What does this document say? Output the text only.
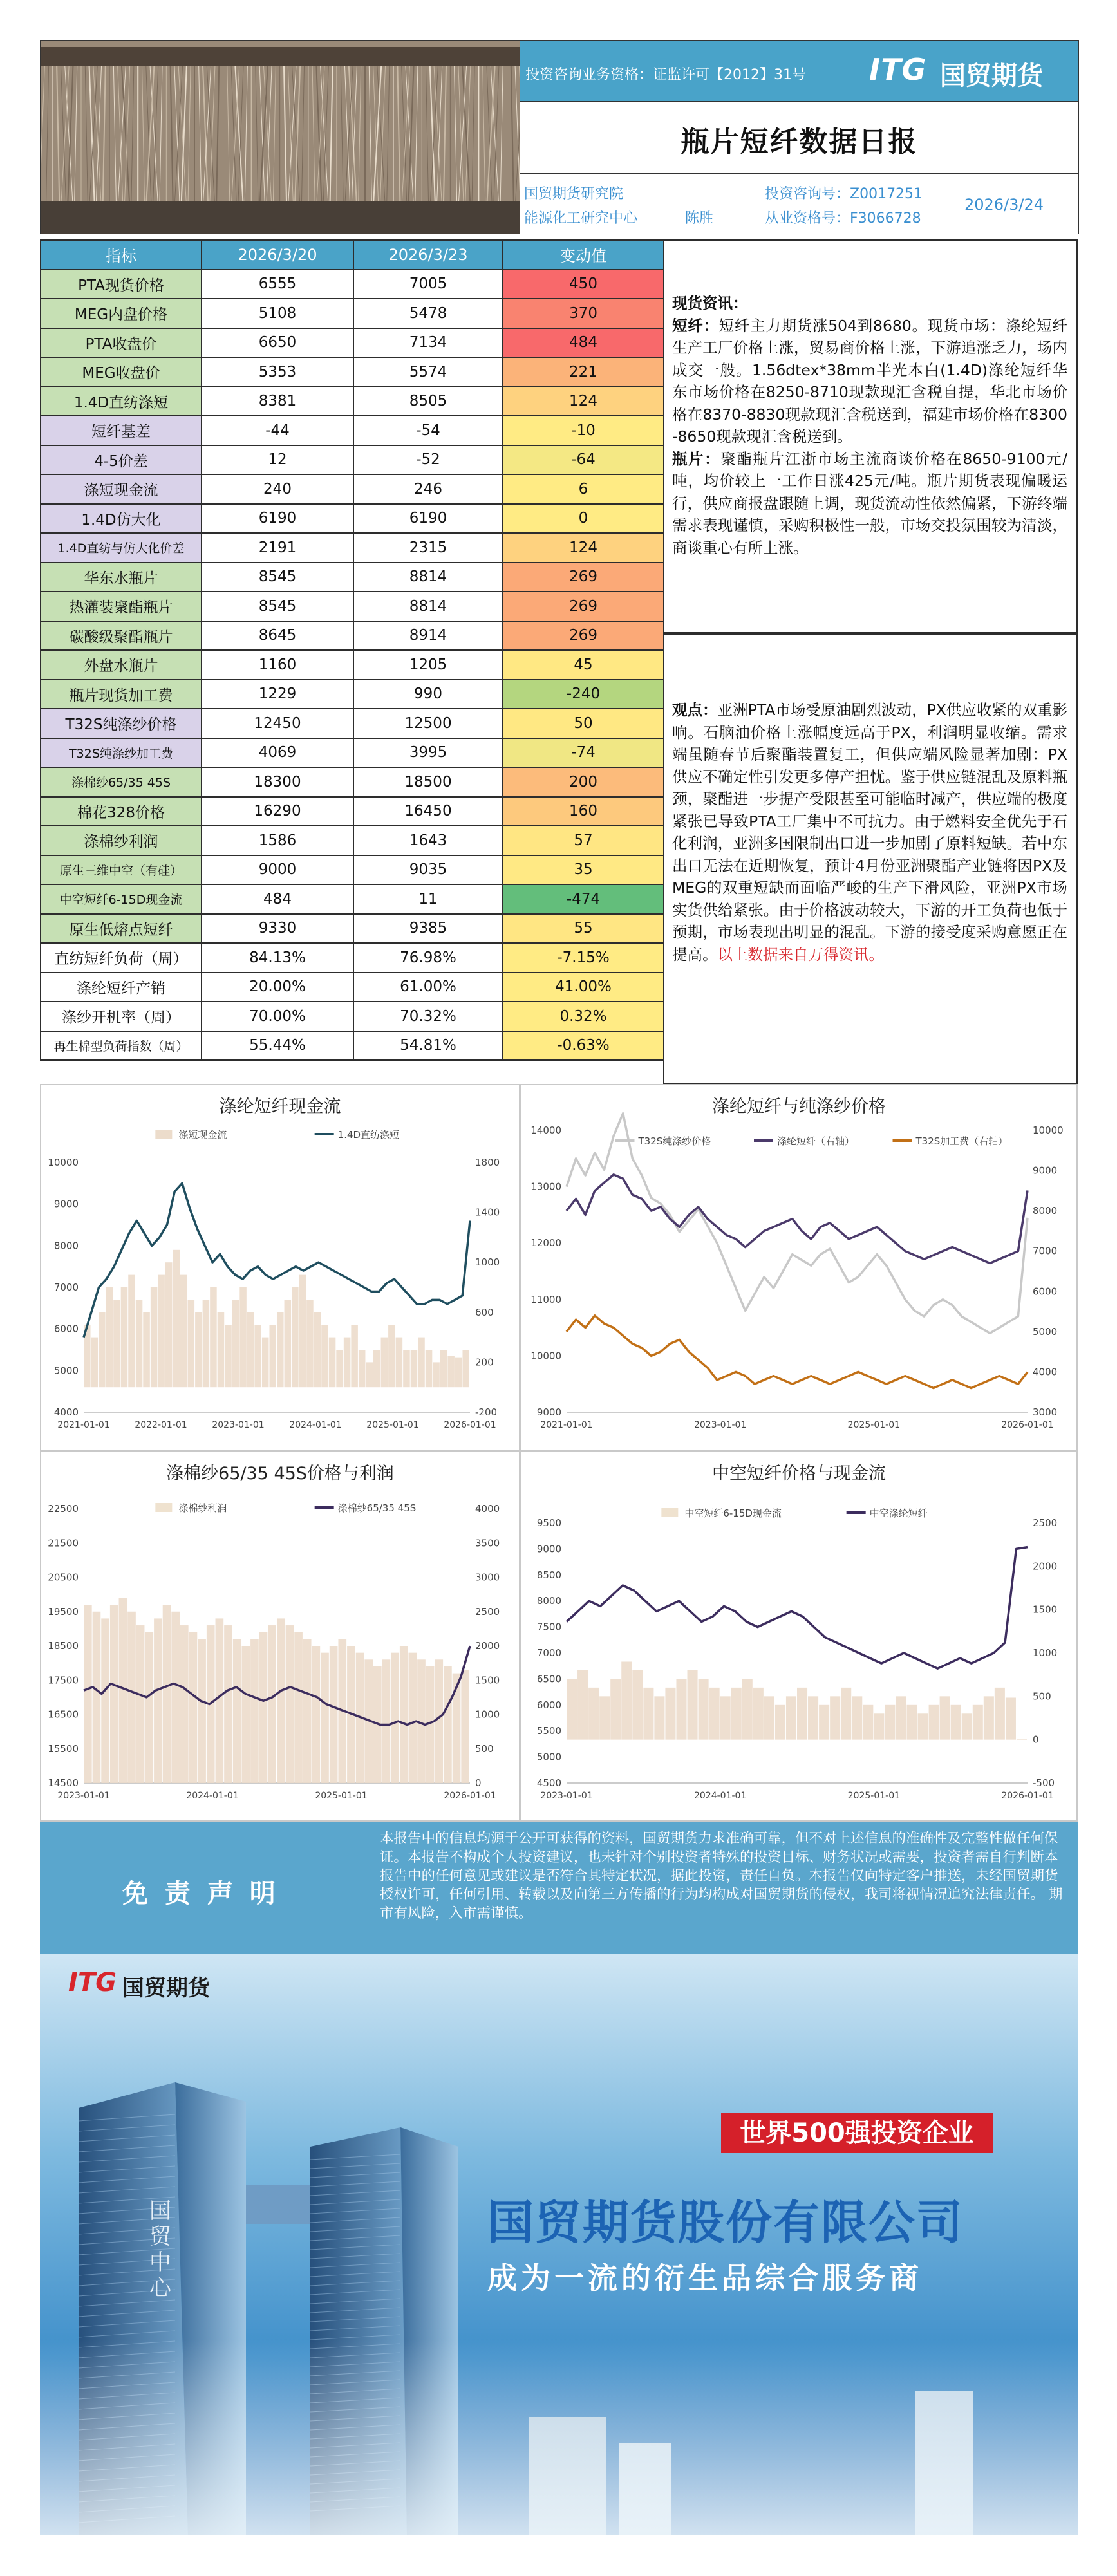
投资咨询业务资格：证监许可【2012】31号 ITG 国贸期货
瓶片短纤数据日报
国贸期货研究院
能源化工研究中心	陈胜
投资咨询号：Z0017251
从业资格号：F3066728
2026/3/24
指标	2026/3/20	2026/3/23	变动值
PTA现货价格	6555	7005	450
MEG内盘价格	5108	5478	370
PTA收盘价	6650	7134	484
MEG收盘价	5353	5574	221
1.4D直纺涤短	8381	8505	124
短纤基差	-44	-54	-10
4-5价差	12	-52	-64
涤短现金流	240	246	6
1.4D仿大化	6190	6190	0
1.4D直纺与仿大化价差	2191	2315	124
华东水瓶片	8545	8814	269
热灌装聚酯瓶片	8545	8814	269
碳酸级聚酯瓶片	8645	8914	269
外盘水瓶片	1160	1205	45
瓶片现货加工费	1229	990	-240
T32S纯涤纱价格	12450	12500	50
T32S纯涤纱加工费	4069	3995	-74
涤棉纱65/35 45S	18300	18500	200
棉花328价格	16290	16450	160
涤棉纱利润	1586	1643	57
原生三维中空（有硅）	9000	9035	35
中空短纤6-15D现金流	484	11	-474
原生低熔点短纤	9330	9385	55
直纺短纤负荷（周）	84.13%	76.98%	-7.15%
涤纶短纤产销	20.00%	61.00%	41.00%
涤纱开机率（周）	70.00%	70.32%	0.32%
再生棉型负荷指数（周）	55.44%	54.81%	-0.63%
现货资讯：
短纤：短纤主力期货涨504到8680。现货市场：涤纶短纤生产工厂价格上涨，贸易商价格上涨，下游追涨乏力，场内成交一般。1.56dtex*38mm半光本白(1.4D)涤纶短纤华东市场价格在8250-8710现款现汇含税自提，华北市场价格在8370-8830现款现汇含税送到，福建市场价格在8300-8650现款现汇含税送到。
瓶片：聚酯瓶片江浙市场主流商谈价格在8650-9100元/吨，均价较上一工作日涨425元/吨。瓶片期货表现偏暖运行，供应商报盘跟随上调，现货流动性依然偏紧，下游终端需求表现谨慎，采购积极性一般，市场交投氛围较为清淡，商谈重心有所上涨。
观点：亚洲PTA市场受原油剧烈波动，PX供应收紧的双重影响。石脑油价格上涨幅度远高于PX，利润明显收缩。需求端虽随春节后聚酯装置复工，但供应端风险显著加剧：PX供应不确定性引发更多停产担忧。鉴于供应链混乱及原料瓶颈，聚酯进一步提产受限甚至可能临时减产，供应端的极度紧张已导致PTA工厂集中不可抗力。由于燃料安全优先于石化利润，亚洲多国限制出口进一步加剧了原料短缺。若中东出口无法在近期恢复，预计4月份亚洲聚酯产业链将因PX及MEG的双重短缺而面临严峻的生产下滑风险，亚洲PX市场实货供给紧张。由于价格波动较大，下游的开工负荷也低于预期，市场表现出明显的混乱。下游的接受度采购意愿正在提高。以上数据来自万得资讯。
涤纶短纤现金流
10000
9000
8000
7000
6000
5000
4000
1800
1400
1000
600
200
-200
2021-01-01	2022-01-01	2023-01-01	2024-01-01	2025-01-01	2026-01-01
涤短现金流	1.4D直纺涤短
涤纶短纤与纯涤纱价格
14000
13000
12000
11000
10000
9000
10000
9000
8000
7000
6000
5000
4000
3000
2021-01-01	2023-01-01	2025-01-01	2026-01-01
T32S纯涤纱价格	涤纶短纤（右轴）	T32S加工费（右轴）
涤棉纱65/35 45S价格与利润
22500
21500
20500
19500
18500
17500
16500
15500
14500
4000
3500
3000
2500
2000
1500
1000
500
0
2023-01-01	2024-01-01	2025-01-01	2026-01-01
涤棉纱利润	涤棉纱65/35 45S
中空短纤价格与现金流
9500
9000
8500
8000
7500
7000
6500
6000
5500
5000
4500
2500
2000
1500
1000
500
0
-500
2023-01-01	2024-01-01	2025-01-01	2026-01-01
中空短纤6-15D现金流	中空涤纶短纤
免 责 声 明
本报告中的信息均源于公开可获得的资料，国贸期货力求准确可靠，但不对上述信息的准确性及完整性做任何保证。本报告不构成个人投资建议，也未针对个别投资者特殊的投资目标、财务状况或需要，投资者需自行判断本报告中的任何意见或建议是否符合其特定状况，据此投资，责任自负。本报告仅向特定客户推送，未经国贸期货授权许可，任何引用、转载以及向第三方传播的行为均构成对国贸期货的侵权，我司将视情况追究法律责任。 期市有风险，入市需谨慎。
ITG 国贸期货
国贸中心
世界500强投资企业
国贸期货股份有限公司
成为一流的衍生品综合服务商
